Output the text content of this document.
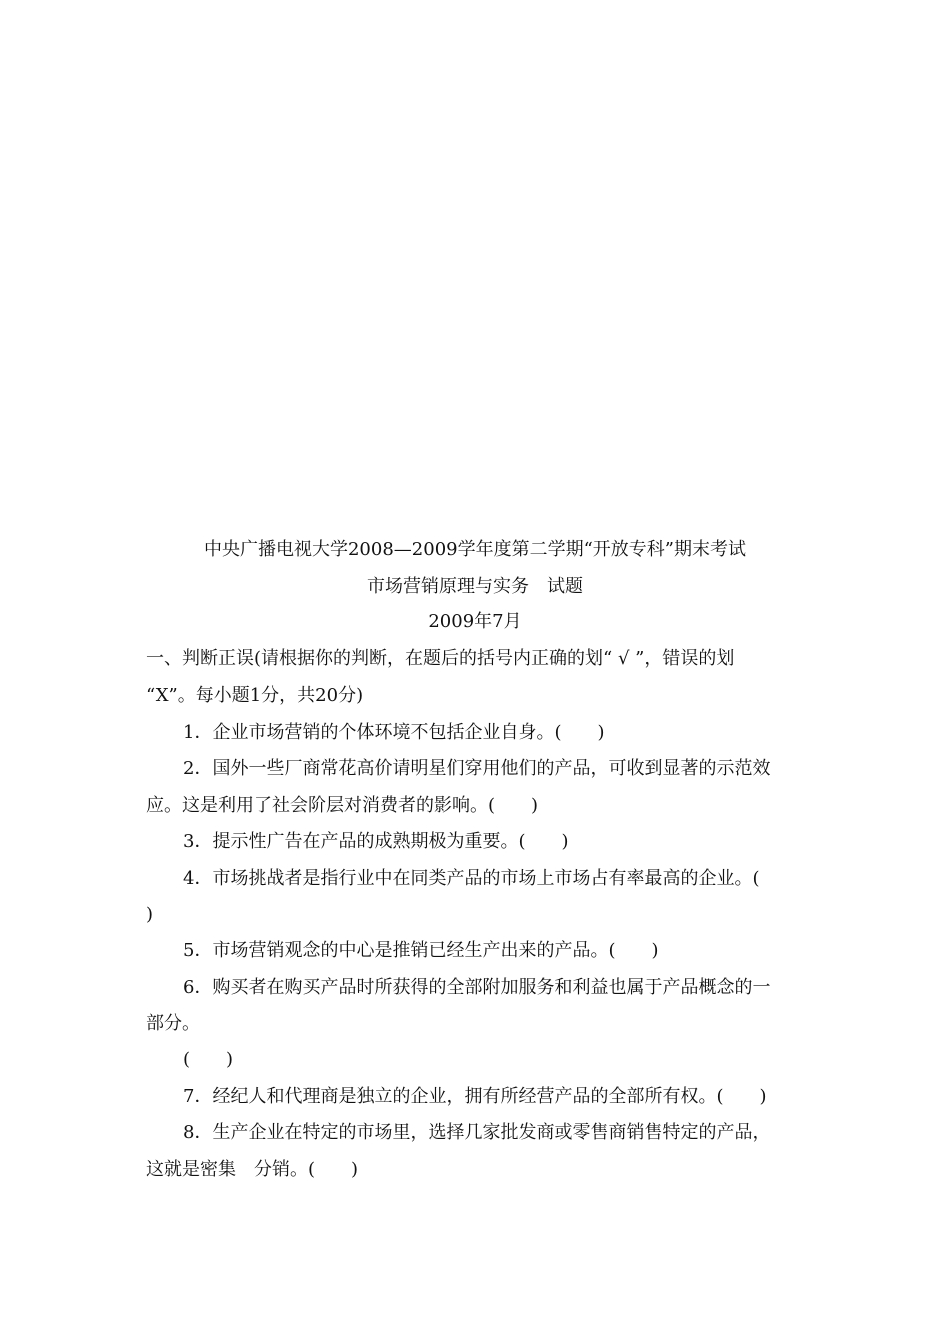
中央广播电视大学2008—2009学年度第二学期“开放专科”期末考试
市场营销原理与实务　试题
2009年7月
一、判断正误(请根据你的判断，在题后的括号内正确的划“ √ ”，错误的划
“X”。每小题1分，共20分)
1．企业市场营销的个体环境不包括企业自身。(　　)
2．国外一些厂商常花高价请明星们穿用他们的产品，可收到显著的示范效
应。这是利用了社会阶层对消费者的影响。(　　)
3．提示性广告在产品的成熟期极为重要。(　　)
4．市场挑战者是指行业中在同类产品的市场上市场占有率最高的企业。(
)
5．市场营销观念的中心是推销已经生产出来的产品。(　　)
6．购买者在购买产品时所获得的全部附加服务和利益也属于产品概念的一
部分。
(　　)
7．经纪人和代理商是独立的企业，拥有所经营产品的全部所有权。(　　)
8．生产企业在特定的市场里，选择几家批发商或零售商销售特定的产品，
这就是密集　分销。(　　)
